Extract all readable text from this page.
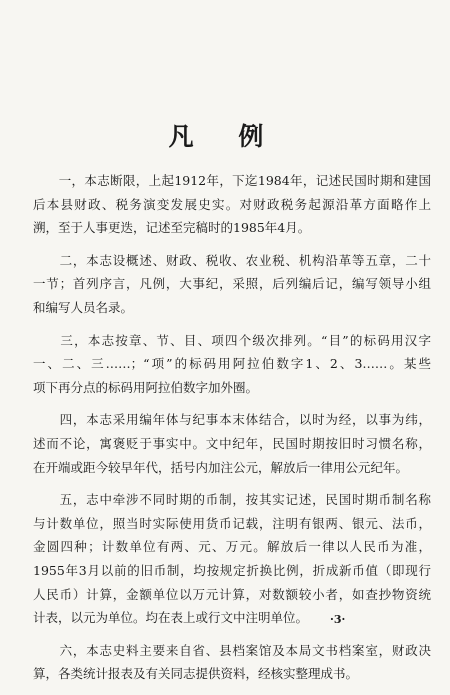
凡 例

　　一，本志断限，上起1912年，下迄1984年，记述民国时期和建国
后本县财政、税务演变发展史实。对财政税务起源沿革方面略作上
溯，至于人事更迭，记述至完稿时的1985年4月。

　　二，本志设概述、财政、税收、农业税、机构沿革等五章，二十
一节；首列序言，凡例，大事纪，采照，后列编后记，编写领导小组
和编写人员名录。

　　三，本志按章、节、目、项四个级次排列。“目”的标码用汉字
一、二、三……；“项”的标码用阿拉伯数字1、2、3……。某些
项下再分点的标码用阿拉伯数字加外圈。

　　四，本志采用编年体与纪事本末体结合，以时为经，以事为纬，
述而不论，寓褒贬于事实中。文中纪年，民国时期按旧时习惯名称，
在开端或距今较早年代，括号内加注公元，解放后一律用公元纪年。

　　五，志中牵涉不同时期的币制，按其实记述，民国时期币制名称
与计数单位，照当时实际使用货币记载，注明有银两、银元、法币，
金圆四种；计数单位有两、元、万元。解放后一律以人民币为准，
1955年3月以前的旧币制，均按规定折换比例，折成新币值（即现行
人民币）计算，金额单位以万元计算，对数额较小者，如查抄物资统
计表，以元为单位。均在表上或行文中注明单位。

　　六，本志史料主要来自省、县档案馆及本局文书档案室，财政决
算，各类统计报表及有关同志提供资料，经核实整理成书。

·3·
